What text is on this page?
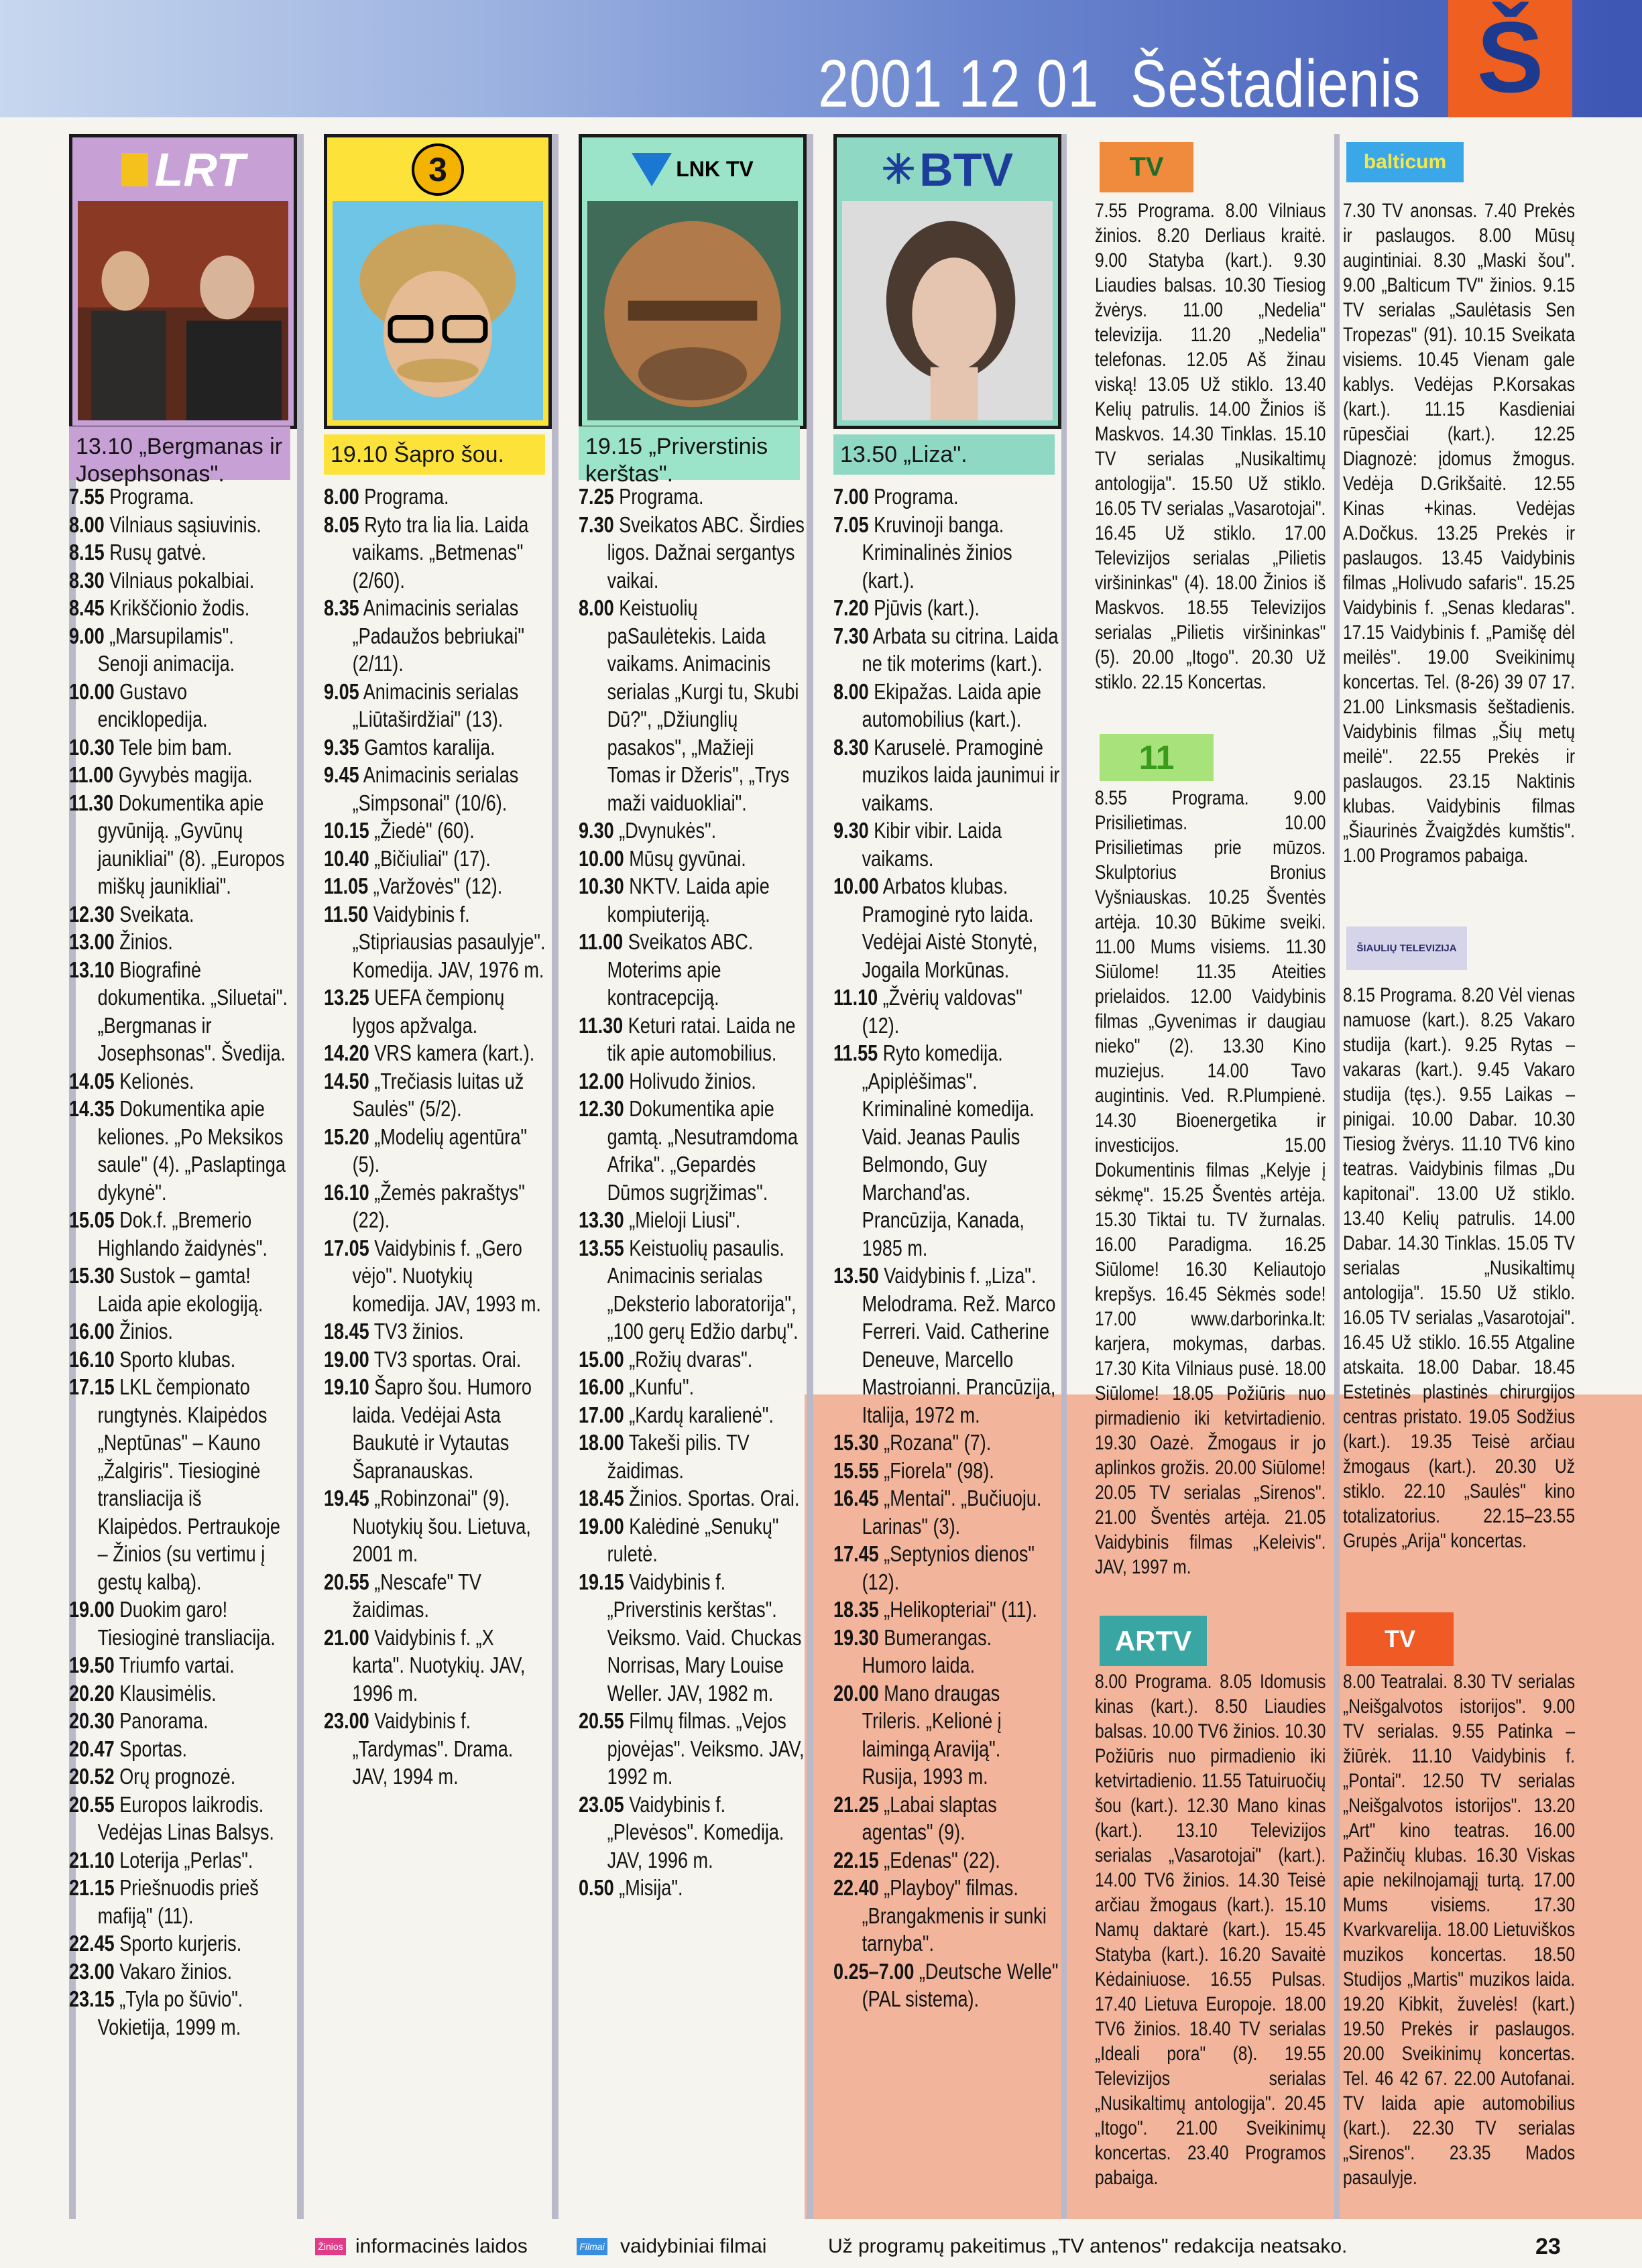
2001 12 01 Šeštadienis Š
LRT
13.10 „Bergmanas ir Josephsonas".
3
19.10 Šapro šou.
LNK TV
19.15 „Priverstinis kerštas".
✳ BTV
13.50 „Liza".

7.55 Programa.

8.00 Vilniaus sąsiuvinis.

8.15 Rusų gatvė.

8.30 Vilniaus pokalbiai.

8.45 Krikščionio žodis.

9.00 „Marsupilamis". Senoji animacija.

10.00 Gustavo enciklopedija.

10.30 Tele bim bam.

11.00 Gyvybės magija.

11.30 Dokumentika apie gyvūniją. „Gyvūnų jaunikliai" (8). „Europos miškų jaunikliai".

12.30 Sveikata.

13.00 Žinios.

13.10 Biografinė dokumentika. „Siluetai". „Bergmanas ir Josephsonas". Švedija.

14.05 Kelionės.

14.35 Dokumentika apie keliones. „Po Meksikos saule" (4). „Paslaptinga dykynė".

15.05 Dok.f. „Bremerio Highlando žaidynės".

15.30 Sustok – gamta! Laida apie ekologiją.

16.00 Žinios.

16.10 Sporto klubas.

17.15 LKL čempionato rungtynės. Klaipėdos „Neptūnas" – Kauno „Žalgiris". Tiesioginė transliacija iš Klaipėdos. Pertraukoje – Žinios (su vertimu į gestų kalbą).

19.00 Duokim garo! Tiesioginė transliacija.

19.50 Triumfo vartai.

20.20 Klausimėlis.

20.30 Panorama.

20.47 Sportas.

20.52 Orų prognozė.

20.55 Europos laikrodis. Vedėjas Linas Balsys.

21.10 Loterija „Perlas".

21.15 Priešnuodis prieš mafiją" (11).

22.45 Sporto kurjeris.

23.00 Vakaro žinios.

23.15 „Tyla po šūvio". Vokietija, 1999 m.

8.00 Programa.

8.05 Ryto tra lia lia. Laida vaikams. „Betmenas" (2/60).

8.35 Animacinis serialas „Padaužos bebriukai" (2/11).

9.05 Animacinis serialas „Liūtaširdžiai" (13).

9.35 Gamtos karalija.

9.45 Animacinis serialas „Simpsonai" (10/6).

10.15 „Žiedė" (60).

10.40 „Bičiuliai" (17).

11.05 „Varžovės" (12).

11.50 Vaidybinis f. „Stipriausias pasaulyje". Komedija. JAV, 1976 m.

13.25 UEFA čempionų lygos apžvalga.

14.20 VRS kamera (kart.).

14.50 „Trečiasis luitas už Saulės" (5/2).

15.20 „Modelių agentūra" (5).

16.10 „Žemės pakraštys" (22).

17.05 Vaidybinis f. „Gero vėjo". Nuotykių komedija. JAV, 1993 m.

18.45 TV3 žinios.

19.00 TV3 sportas. Orai.

19.10 Šapro šou. Humoro laida. Vedėjai Asta Baukutė ir Vytautas Šapranauskas.

19.45 „Robinzonai" (9). Nuotykių šou. Lietuva, 2001 m.

20.55 „Nescafe" TV žaidimas.

21.00 Vaidybinis f. „X karta". Nuotykių. JAV, 1996 m.

23.00 Vaidybinis f. „Tardymas". Drama. JAV, 1994 m.

7.25 Programa.

7.30 Sveikatos ABC. Širdies ligos. Dažnai sergantys vaikai.

8.00 Keistuolių paSaulėtekis. Laida vaikams. Animacinis serialas „Kurgi tu, Skubi Dū?", „Džiunglių pasakos", „Mažieji Tomas ir Džeris", „Trys maži vaiduokliai".

9.30 „Dvynukės".

10.00 Mūsų gyvūnai.

10.30 NKTV. Laida apie kompiuteriją.

11.00 Sveikatos ABC. Moterims apie kontracepciją.

11.30 Keturi ratai. Laida ne tik apie automobilius.

12.00 Holivudo žinios.

12.30 Dokumentika apie gamtą. „Nesutramdoma Afrika". „Gepardės Dūmos sugrįžimas".

13.30 „Mieloji Liusi".

13.55 Keistuolių pasaulis. Animacinis serialas „Deksterio laboratorija", „100 gerų Edžio darbų".

15.00 „Rožių dvaras".

16.00 „Kunfu".

17.00 „Kardų karalienė".

18.00 Takeši pilis. TV žaidimas.

18.45 Žinios. Sportas. Orai.

19.00 Kalėdinė „Senukų" ruletė.

19.15 Vaidybinis f. „Priverstinis kerštas". Veiksmo. Vaid. Chuckas Norrisas, Mary Louise Weller. JAV, 1982 m.

20.55 Filmų filmas. „Vejos pjovėjas". Veiksmo. JAV, 1992 m.

23.05 Vaidybinis f. „Plevėsos". Komedija. JAV, 1996 m.

0.50 „Misija".

7.00 Programa.

7.05 Kruvinoji banga. Kriminalinės žinios (kart.).

7.20 Pjūvis (kart.).

7.30 Arbata su citrina. Laida ne tik moterims (kart.).

8.00 Ekipažas. Laida apie automobilius (kart.).

8.30 Karuselė. Pramoginė muzikos laida jaunimui ir vaikams.

9.30 Kibir vibir. Laida vaikams.

10.00 Arbatos klubas. Pramoginė ryto laida. Vedėjai Aistė Stonytė, Jogaila Morkūnas.

11.10 „Žvėrių valdovas" (12).

11.55 Ryto komedija. „Apiplėšimas". Kriminalinė komedija. Vaid. Jeanas Paulis Belmondo, Guy Marchand'as. Prancūzija, Kanada, 1985 m.

13.50 Vaidybinis f. „Liza". Melodrama. Rež. Marco Ferreri. Vaid. Catherine Deneuve, Marcello Mastroianni. Prancūzija, Italija, 1972 m.

15.30 „Rozana" (7).

15.55 „Fiorela" (98).

16.45 „Mentai". „Bučiuoju. Larinas" (3).

17.45 „Septynios dienos" (12).

18.35 „Helikopteriai" (11).

19.30 Bumerangas. Humoro laida.

20.00 Mano draugas Trileris. „Kelionė į laimingą Araviją". Rusija, 1993 m.

21.25 „Labai slaptas agentas" (9).

22.15 „Edenas" (22).

22.40 „Playboy" filmas. „Brangakmenis ir sunki tarnyba".

0.25–7.00 „Deutsche Welle" (PAL sistema).

TV
7.55 Programa. 8.00 Vilniaus žinios. 8.20 Derliaus kraitė. 9.00 Statyba (kart.). 9.30 Liaudies balsas. 10.30 Tiesiog žvėrys. 11.00 „Nedelia" televizija. 11.20 „Nedelia" telefonas. 12.05 Aš žinau viską! 13.05 Už stiklo. 13.40 Kelių patrulis. 14.00 Žinios iš Maskvos. 14.30 Tinklas. 15.10 TV serialas „Nusikaltimų antologija". 15.50 Už stiklo. 16.05 TV serialas „Vasarotojai". 16.45 Už stiklo. 17.00 Televizijos serialas „Pilietis viršininkas" (4). 18.00 Žinios iš Maskvos. 18.55 Televizijos serialas „Pilietis viršininkas" (5). 20.00 „Itogo". 20.30 Už stiklo. 22.15 Koncertas.
11
8.55 Programa. 9.00 Prisilietimas. 10.00 Prisilietimas prie mūzos. Skulptorius Bronius Vyšniauskas. 10.25 Šventės artėja. 10.30 Būkime sveiki. 11.00 Mums visiems. 11.30 Siūlome! 11.35 Ateities prielaidos. 12.00 Vaidybinis filmas „Gyvenimas ir daugiau nieko" (2). 13.30 Kino muziejus. 14.00 Tavo augintinis. Ved. R.Plumpienė. 14.30 Bioenergetika ir investicijos. 15.00 Dokumentinis filmas „Kelyje į sėkmę". 15.25 Šventės artėja. 15.30 Tiktai tu. TV žurnalas. 16.00 Paradigma. 16.25 Siūlome! 16.30 Keliautojo krepšys. 16.45 Sėkmės sode! 17.00 www.darborinka.lt: karjera, mokymas, darbas. 17.30 Kita Vilniaus pusė. 18.00 Siūlome! 18.05 Požiūris nuo pirmadienio iki ketvirtadienio. 19.30 Oazė. Žmogaus ir jo aplinkos grožis. 20.00 Siūlome! 20.05 TV serialas „Sirenos". 21.00 Šventės artėja. 21.05 Vaidybinis filmas „Keleivis". JAV, 1997 m.
ARTV
8.00 Programa. 8.05 Idomusis kinas (kart.). 8.50 Liaudies balsas. 10.00 TV6 žinios. 10.30 Požiūris nuo pirmadienio iki ketvirtadienio. 11.55 Tatuiruočių šou (kart.). 12.30 Mano kinas (kart.). 13.10 Televizijos serialas „Vasarotojai" (kart.). 14.00 TV6 žinios. 14.30 Teisė arčiau žmogaus (kart.). 15.10 Namų daktarė (kart.). 15.45 Statyba (kart.). 16.20 Savaitė Kėdainiuose. 16.55 Pulsas. 17.40 Lietuva Europoje. 18.00 TV6 žinios. 18.40 TV serialas „Ideali pora" (8). 19.55 Televizijos serialas „Nusikaltimų antologija". 20.45 „Itogo". 21.00 Sveikinimų koncertas. 23.40 Programos pabaiga.
balticum
7.30 TV anonsas. 7.40 Prekės ir paslaugos. 8.00 Mūsų augintiniai. 8.30 „Maski šou". 9.00 „Balticum TV" žinios. 9.15 TV serialas „Saulėtasis Sen Tropezas" (91). 10.15 Sveikata visiems. 10.45 Vienam gale kablys. Vedėjas P.Korsakas (kart.). 11.15 Kasdieniai rūpesčiai (kart.). 12.25 Diagnozė: įdomus žmogus. Vedėja D.Grikšaitė. 12.55 Kinas +kinas. Vedėjas A.Dočkus. 13.25 Prekės ir paslaugos. 13.45 Vaidybinis filmas „Holivudo safaris". 15.25 Vaidybinis f. „Senas kledaras". 17.15 Vaidybinis f. „Pamišę dėl meilės". 19.00 Sveikinimų koncertas. Tel. (8-26) 39 07 17. 21.00 Linksmasis šeštadienis. Vaidybinis filmas „Šių metų meilė". 22.55 Prekės ir paslaugos. 23.15 Naktinis klubas. Vaidybinis filmas „Šiaurinės Žvaigždės kumštis". 1.00 Programos pabaiga.
ŠIAULIŲ TELEVIZIJA
8.15 Programa. 8.20 Vėl vienas namuose (kart.). 8.25 Vakaro studija (kart.). 9.25 Rytas – vakaras (kart.). 9.45 Vakaro studija (tęs.). 9.55 Laikas – pinigai. 10.00 Dabar. 10.30 Tiesiog žvėrys. 11.10 TV6 kino teatras. Vaidybinis filmas „Du kapitonai". 13.00 Už stiklo. 13.40 Kelių patrulis. 14.00 Dabar. 14.30 Tinklas. 15.05 TV serialas „Nusikaltimų antologija". 15.50 Už stiklo. 16.05 TV serialas „Vasarotojai". 16.45 Už stiklo. 16.55 Atgaline atskaita. 18.00 Dabar. 18.45 Estetinės plastinės chirurgijos centras pristato. 19.05 Sodžius (kart.). 19.35 Teisė arčiau žmogaus (kart.). 20.30 Už stiklo. 22.10 „Saulės" kino totalizatorius. 22.15–23.55 Grupės „Arija" koncertas.
TV
8.00 Teatralai. 8.30 TV serialas „Neišgalvotos istorijos". 9.00 TV serialas. 9.55 Patinka – žiūrėk. 11.10 Vaidybinis f. „Pontai". 12.50 TV serialas „Neišgalvotos istorijos". 13.20 „Art" kino teatras. 16.00 Pažinčių klubas. 16.30 Viskas apie nekilnojamąjį turtą. 17.00 Mums visiems. 17.30 Kvarkvarelija. 18.00 Lietuviškos muzikos koncertas. 18.50 Studijos „Martis" muzikos laida. 19.20 Kibkit, žuvelės! (kart.) 19.50 Prekės ir paslaugos. 20.00 Sveikinimų koncertas. Tel. 46 42 67. 22.00 Autofanai. TV laida apie automobilius (kart.). 22.30 TV serialas „Sirenos". 23.35 Mados pasaulyje.
Žinios informacinės laidos	Filmai vaidybiniai filmai	Už programų pakeitimus „TV antenos" redakcija neatsako.	23
